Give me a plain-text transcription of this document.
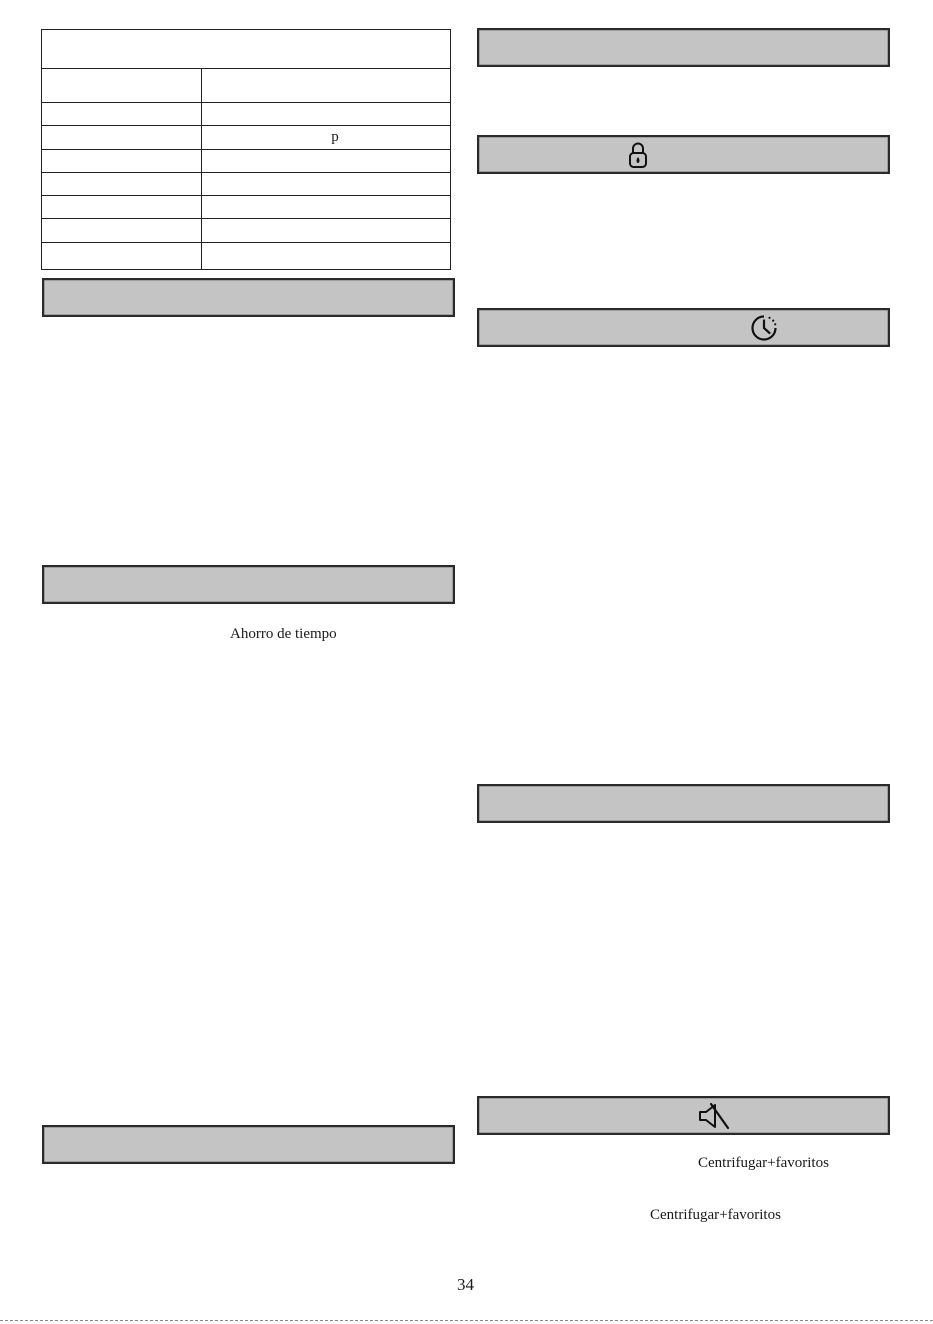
p
Ahorro de tiempo
Centrifugar+favoritos
Centrifugar+favoritos
34
